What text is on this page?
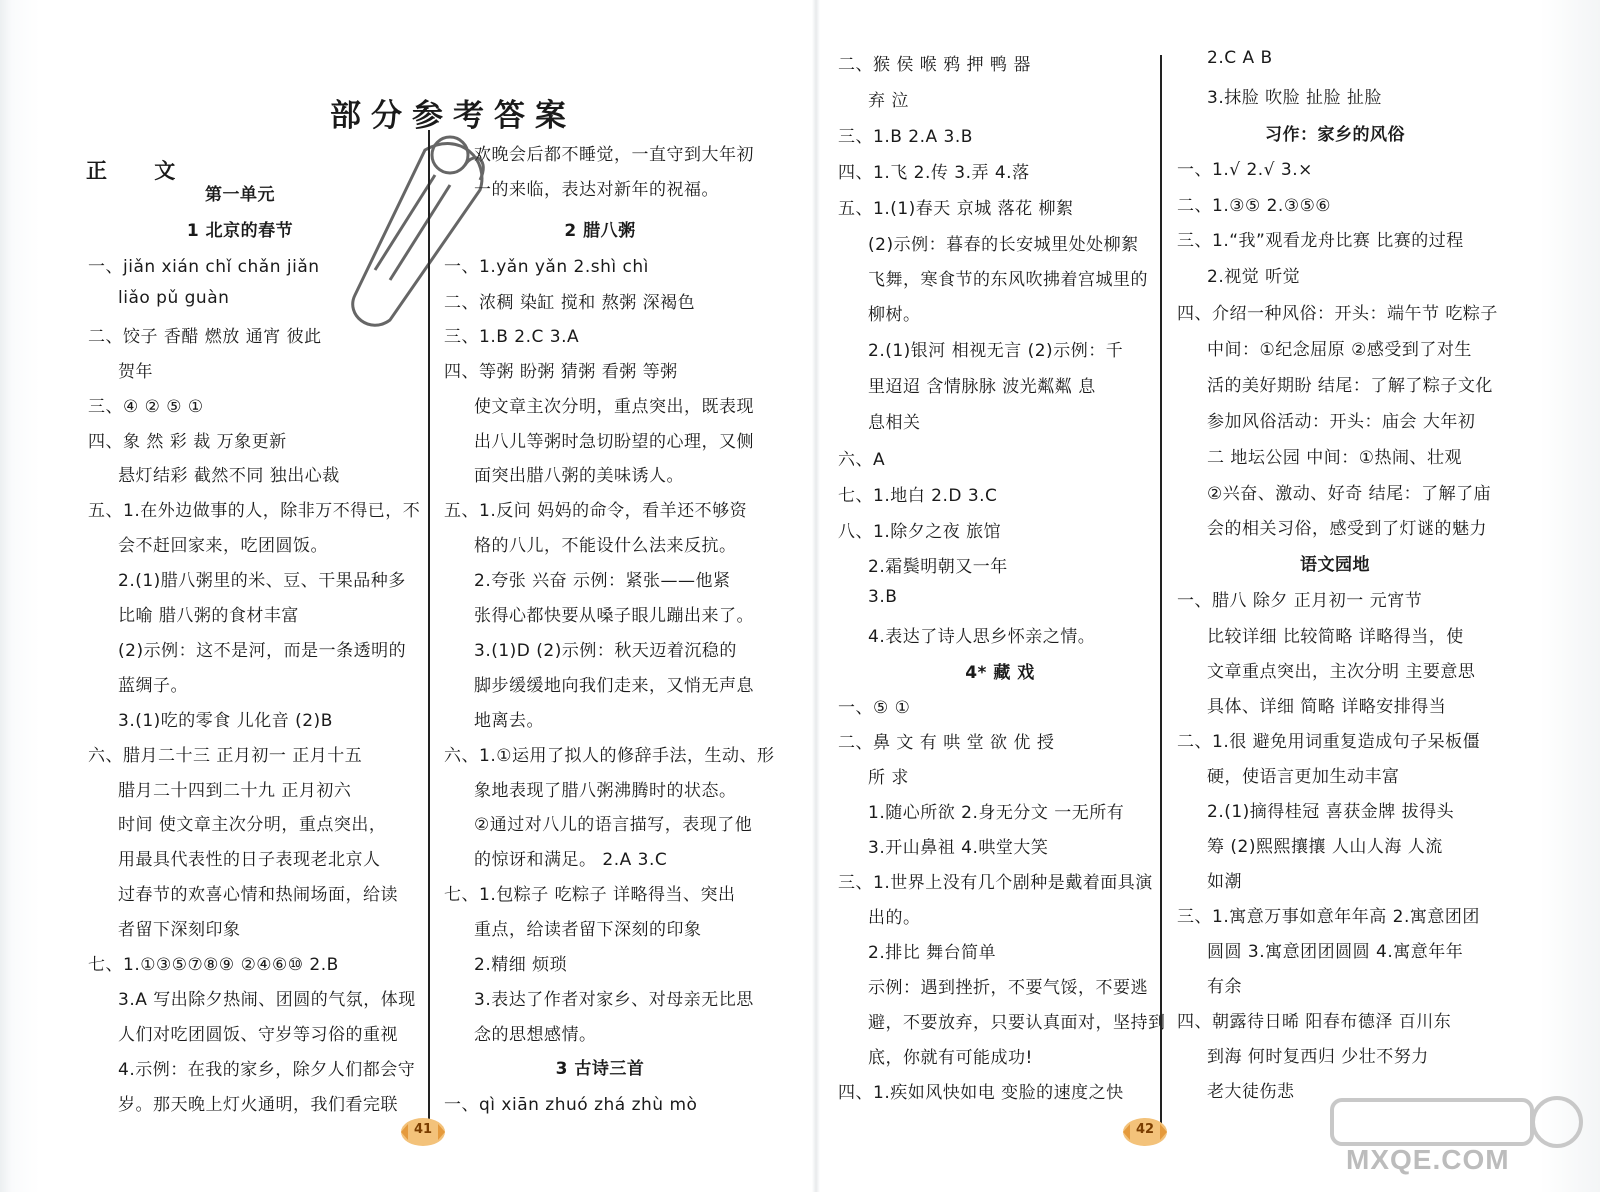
部分参考答案
正 文
第一单元
1 北京的春节
一、jiǎn xián chǐ chǎn jiǎn
liǎo pǔ guàn
二、饺子 香醋 燃放 通宵 彼此
贺年
三、④ ② ⑤ ①
四、象 然 彩 裁 万象更新
悬灯结彩 截然不同 独出心裁
五、1.在外边做事的人，除非万不得已，不
会不赶回家来，吃团圆饭。
2.(1)腊八粥里的米、豆、干果品种多
比喻 腊八粥的食材丰富
(2)示例：这不是河，而是一条透明的
蓝绸子。
3.(1)吃的零食 儿化音 (2)B
六、腊月二十三 正月初一 正月十五
腊月二十四到二十九 正月初六
时间 使文章主次分明，重点突出，
用最具代表性的日子表现老北京人
过春节的欢喜心情和热闹场面，给读
者留下深刻印象
七、1.①③⑤⑦⑧⑨ ②④⑥⑩ 2.B
3.A 写出除夕热闹、团圆的气氛，体现
人们对吃团圆饭、守岁等习俗的重视
4.示例：在我的家乡，除夕人们都会守
岁。那天晚上灯火通明，我们看完联
欢晚会后都不睡觉，一直守到大年初
一的来临，表达对新年的祝福。
2 腊八粥
一、1.yǎn yǎn 2.shì chì
二、浓稠 染缸 搅和 熬粥 深褐色
三、1.B 2.C 3.A
四、等粥 盼粥 猜粥 看粥 等粥
使文章主次分明，重点突出，既表现
出八儿等粥时急切盼望的心理，又侧
面突出腊八粥的美味诱人。
五、1.反问 妈妈的命令，看羊还不够资
格的八儿，不能设什么法来反抗。
2.夸张 兴奋 示例：紧张——他紧
张得心都快要从嗓子眼儿蹦出来了。
3.(1)D (2)示例：秋天迈着沉稳的
脚步缓缓地向我们走来，又悄无声息
地离去。
六、1.①运用了拟人的修辞手法，生动、形
象地表现了腊八粥沸腾时的状态。
②通过对八儿的语言描写，表现了他
的惊讶和满足。 2.A 3.C
七、1.包粽子 吃粽子 详略得当、突出
重点，给读者留下深刻的印象
2.精细 烦琐
3.表达了作者对家乡、对母亲无比思
念的思想感情。
3 古诗三首
一、qì xiān zhuó zhá zhù mò
二、猴 侯 喉 鸦 押 鸭 器
弃 泣
三、1.B 2.A 3.B
四、1.飞 2.传 3.弄 4.落
五、1.(1)春天 京城 落花 柳絮
(2)示例：暮春的长安城里处处柳絮
飞舞，寒食节的东风吹拂着宫城里的
柳树。
2.(1)银河 相视无言 (2)示例：千
里迢迢 含情脉脉 波光粼粼 息
息相关
六、A
七、1.地白 2.D 3.C
八、1.除夕之夜 旅馆
2.霜鬓明朝又一年
3.B
4.表达了诗人思乡怀亲之情。
4* 藏 戏
一、⑤ ①
二、鼻 文 有 哄 堂 欲 优 授
所 求
1.随心所欲 2.身无分文 一无所有
3.开山鼻祖 4.哄堂大笑
三、1.世界上没有几个剧种是戴着面具演
出的。
2.排比 舞台简单
示例：遇到挫折，不要气馁，不要逃
避，不要放弃，只要认真面对，坚持到
底，你就有可能成功!
四、1.疾如风快如电 变脸的速度之快
2.C A B
3.抹脸 吹脸 扯脸 扯脸
习作：家乡的风俗
一、1.√ 2.√ 3.×
二、1.③⑤ 2.③⑤⑥
三、1.“我”观看龙舟比赛 比赛的过程
2.视觉 听觉
四、介绍一种风俗：开头：端午节 吃粽子
中间：①纪念屈原 ②感受到了对生
活的美好期盼 结尾：了解了粽子文化
参加风俗活动：开头：庙会 大年初
二 地坛公园 中间：①热闹、壮观
②兴奋、激动、好奇 结尾：了解了庙
会的相关习俗，感受到了灯谜的魅力
语文园地
一、腊八 除夕 正月初一 元宵节
比较详细 比较简略 详略得当，使
文章重点突出，主次分明 主要意思
具体、详细 简略 详略安排得当
二、1.很 避免用词重复造成句子呆板僵
硬，使语言更加生动丰富
2.(1)摘得桂冠 喜获金牌 拔得头
筹 (2)熙熙攘攘 人山人海 人流
如潮
三、1.寓意万事如意年年高 2.寓意团团
圆圆 3.寓意团团圆圆 4.寓意年年
有余
四、朝露待日晞 阳春布德泽 百川东
到海 何时复西归 少壮不努力
老大徒伤悲
41	42
MXQE.COM
